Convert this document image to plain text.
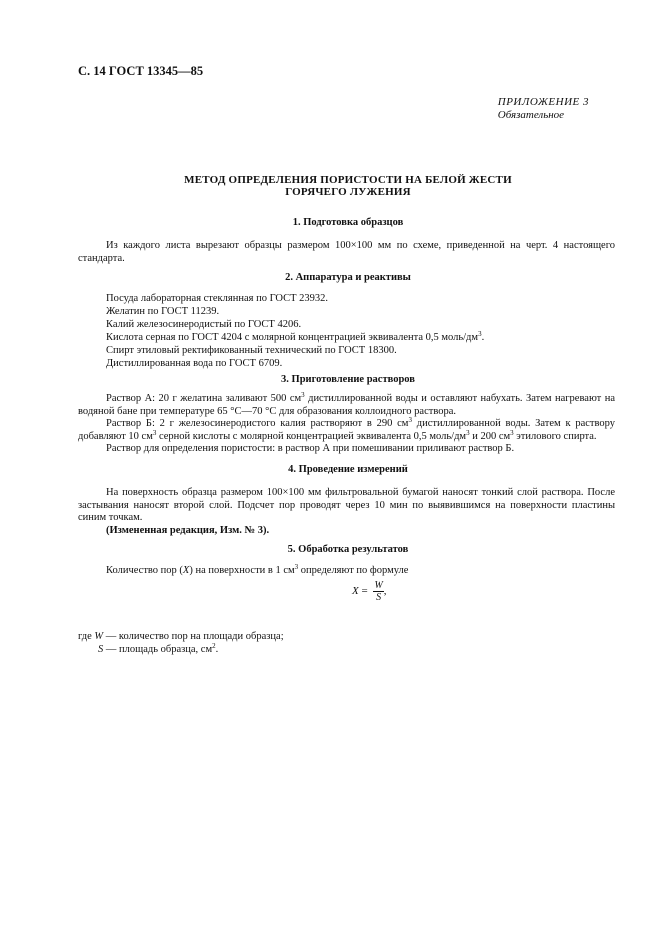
С. 14 ГОСТ 13345—85
ПРИЛОЖЕНИЕ 3
Обязательное
МЕТОД ОПРЕДЕЛЕНИЯ ПОРИСТОСТИ НА БЕЛОЙ ЖЕСТИ
ГОРЯЧЕГО ЛУЖЕНИЯ
1. Подготовка образцов
Из каждого листа вырезают образцы размером 100×100 мм по схеме, приведенной на черт. 4 настоящего стандарта.
2. Аппаратура и реактивы
Посуда лабораторная стеклянная по ГОСТ 23932.
Желатин по ГОСТ 11239.
Калий железосинеродистый по ГОСТ 4206.
Кислота серная по ГОСТ 4204 с молярной концентрацией эквивалента 0,5 моль/$дм^3$.
Спирт этиловый ректификованный технический по ГОСТ 18300.
Дистиллированная вода по ГОСТ 6709.
3. Приготовление растворов
Раствор А: 20 г желатина заливают 500 $см^3$ дистиллированной воды и оставляют набухать. Затем нагревают на водяной бане при температуре 65 °С—70 °С для образования коллоидного раствора.
Раствор Б: 2 г железосинеродистого калия растворяют в 290 $см^3$ дистиллированной воды. Затем к раствору добавляют 10 $см^3$ серной кислоты с молярной концентрацией эквивалента 0,5 моль/$дм^3$ и 200 $см^3$ этилового спирта.
Раствор для определения пористости: в раствор А при помешивании приливают раствор Б.
4. Проведение измерений
На поверхность образца размером 100×100 мм фильтровальной бумагой наносят тонкий слой раствора. После застывания наносят второй слой. Подсчет пор проводят через 10 мин по выявившимся на поверхности пластины синим точкам.
(Измененная редакция, Изм. № 3).
5. Обработка результатов
Количество пор (X) на поверхности в 1 $см^3$ определяют по формуле
$X = \frac{W}{S}$ ,
где W — количество пор на площади образца;
S — площадь образца, $см^2$.
